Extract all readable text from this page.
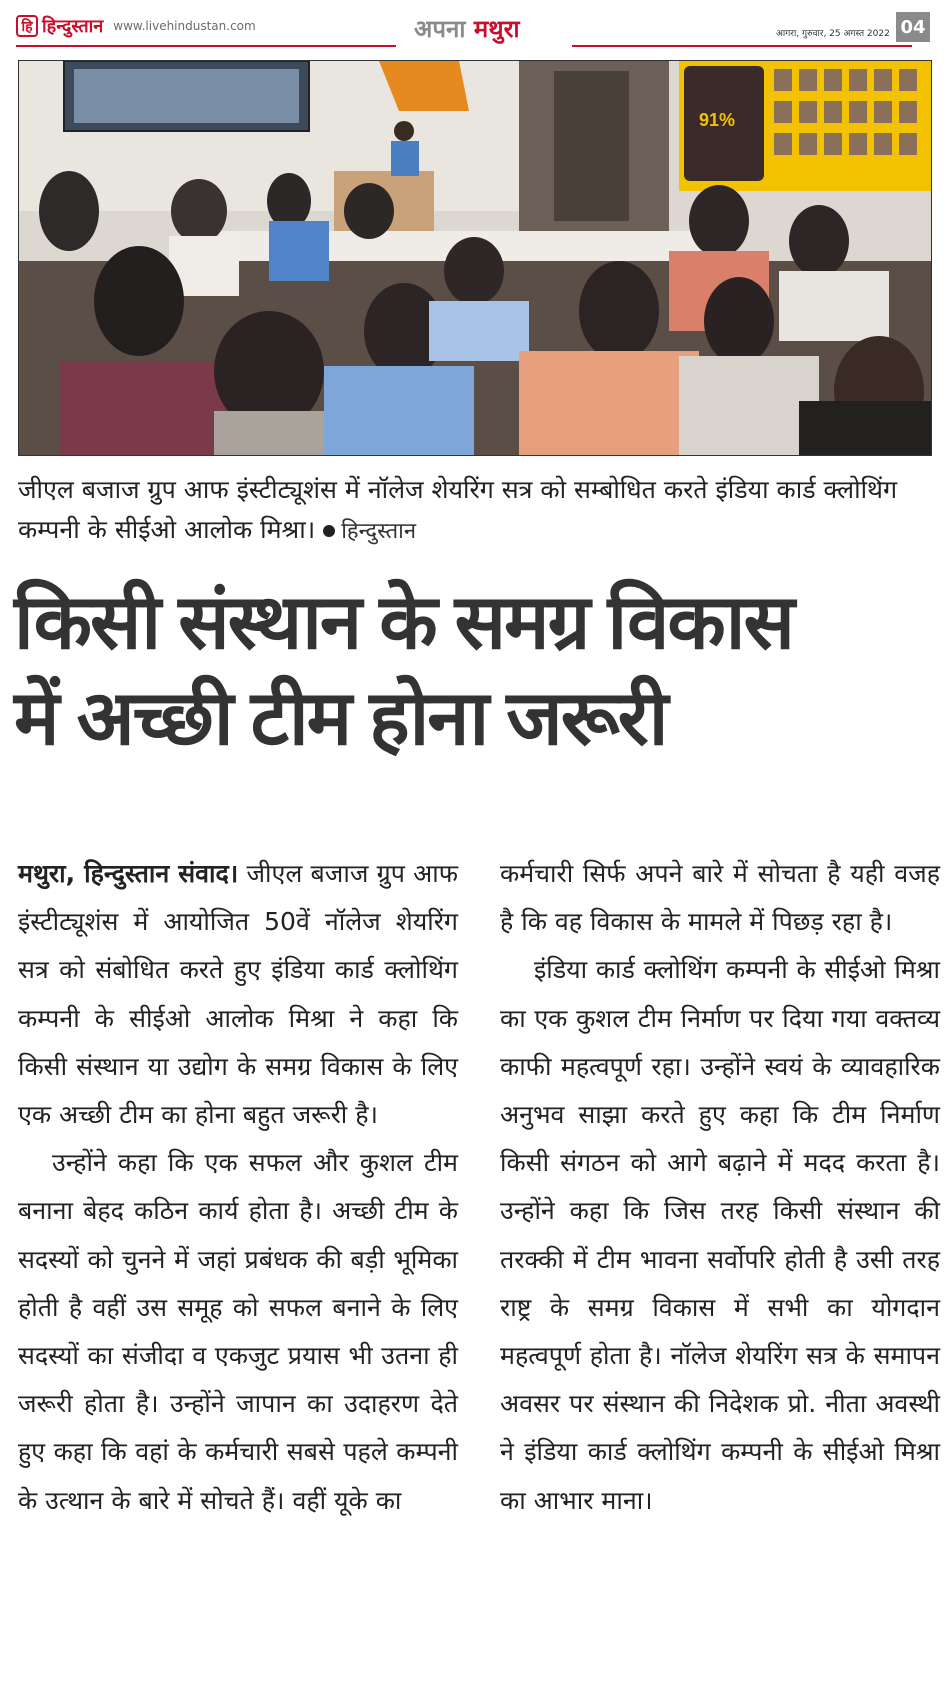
हि हिन्दुस्तान www.livehindustan.com	अपना मथुरा	आगरा, गुरुवार, 25 अगस्त 2022 04
91%
जीएल बजाज ग्रुप आफ इंस्टीट्यूशंस में नॉलेज शेयरिंग सत्र को सम्बोधित करते इंडिया कार्ड क्लोथिंग कम्पनी के सीईओ आलोक मिश्रा। हिन्दुस्तान
किसी संस्थान के समग्र विकास
में अच्छी टीम होना जरूरी

मथुरा, हिन्दुस्तान संवाद। जीएल बजाज ग्रुप आफ इंस्टीट्यूशंस में आयोजित 50वें नॉलेज शेयरिंग सत्र को संबोधित करते हुए इंडिया कार्ड क्लोथिंग कम्पनी के सीईओ आलोक मिश्रा ने कहा कि किसी संस्थान या उद्योग के समग्र विकास के लिए एक अच्छी टीम का होना बहुत जरूरी है।

उन्होंने कहा कि एक सफल और कुशल टीम बनाना बेहद कठिन कार्य होता है। अच्छी टीम के सदस्यों को चुनने में जहां प्रबंधक की बड़ी भूमिका होती है वहीं उस समूह को सफल बनाने के लिए सदस्यों का संजीदा व एकजुट प्रयास भी उतना ही जरूरी होता है। उन्होंने जापान का उदाहरण देते हुए कहा कि वहां के कर्मचारी सबसे पहले कम्पनी के उत्थान के बारे में सोचते हैं। वहीं यूके का

कर्मचारी सिर्फ अपने बारे में सोचता है यही वजह है कि वह विकास के मामले में पिछड़ रहा है।

इंडिया कार्ड क्लोथिंग कम्पनी के सीईओ मिश्रा का एक कुशल टीम निर्माण पर दिया गया वक्तव्य काफी महत्वपूर्ण रहा। उन्होंने स्वयं के व्यावहारिक अनुभव साझा करते हुए कहा कि टीम निर्माण किसी संगठन को आगे बढ़ाने में मदद करता है। उन्होंने कहा कि जिस तरह किसी संस्थान की तरक्की में टीम भावना सर्वोपरि होती है उसी तरह राष्ट्र के समग्र विकास में सभी का योगदान महत्वपूर्ण होता है। नॉलेज शेयरिंग सत्र के समापन अवसर पर संस्थान की निदेशक प्रो. नीता अवस्थी ने इंडिया कार्ड क्लोथिंग कम्पनी के सीईओ मिश्रा का आभार माना।
